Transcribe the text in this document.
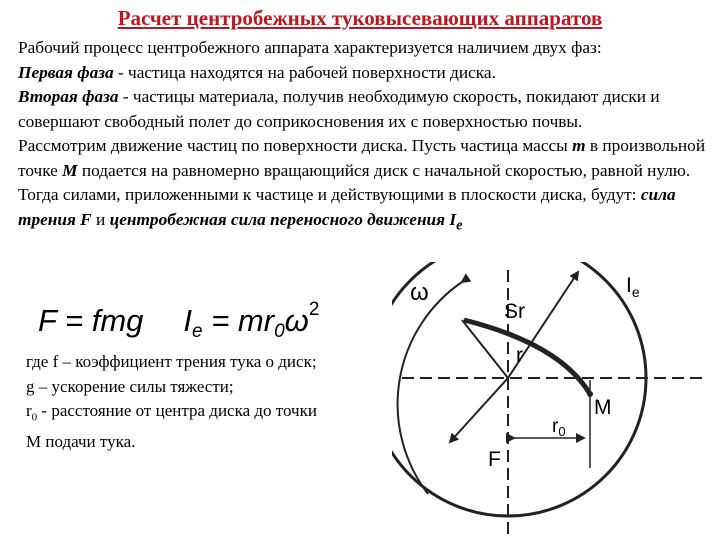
Расчет центробежных туковысевающих аппаратов

Рабочий процесс центробежного аппарата характеризуется наличием двух фаз:

Первая фаза - частица находятся на рабочей поверхности диска.

Вторая фаза - частицы материала, получив необходимую скорость, покидают диски и совершают свободный полет до соприкосновения их с поверхностью почвы.

Рассмотрим движение частиц по поверхности диска. Пусть частица массы m в произвольной точке М подается на равномерно вращающийся диск с начальной скоростью, равной нулю. Тогда силами, приложенными к частице и действующими в плоскости диска, будут: сила трения F и центробежная сила переносного движения $I_e$

F = fmg $I_e = mr_0\omega^2$
где f – коэффициент трения тука о диск;
g – ускорение силы тяжести;
$r_0$ - расстояние от центра диска до точки
М подачи тука.
ω	$I_e$
Sr
r
M
$r_0$
F
